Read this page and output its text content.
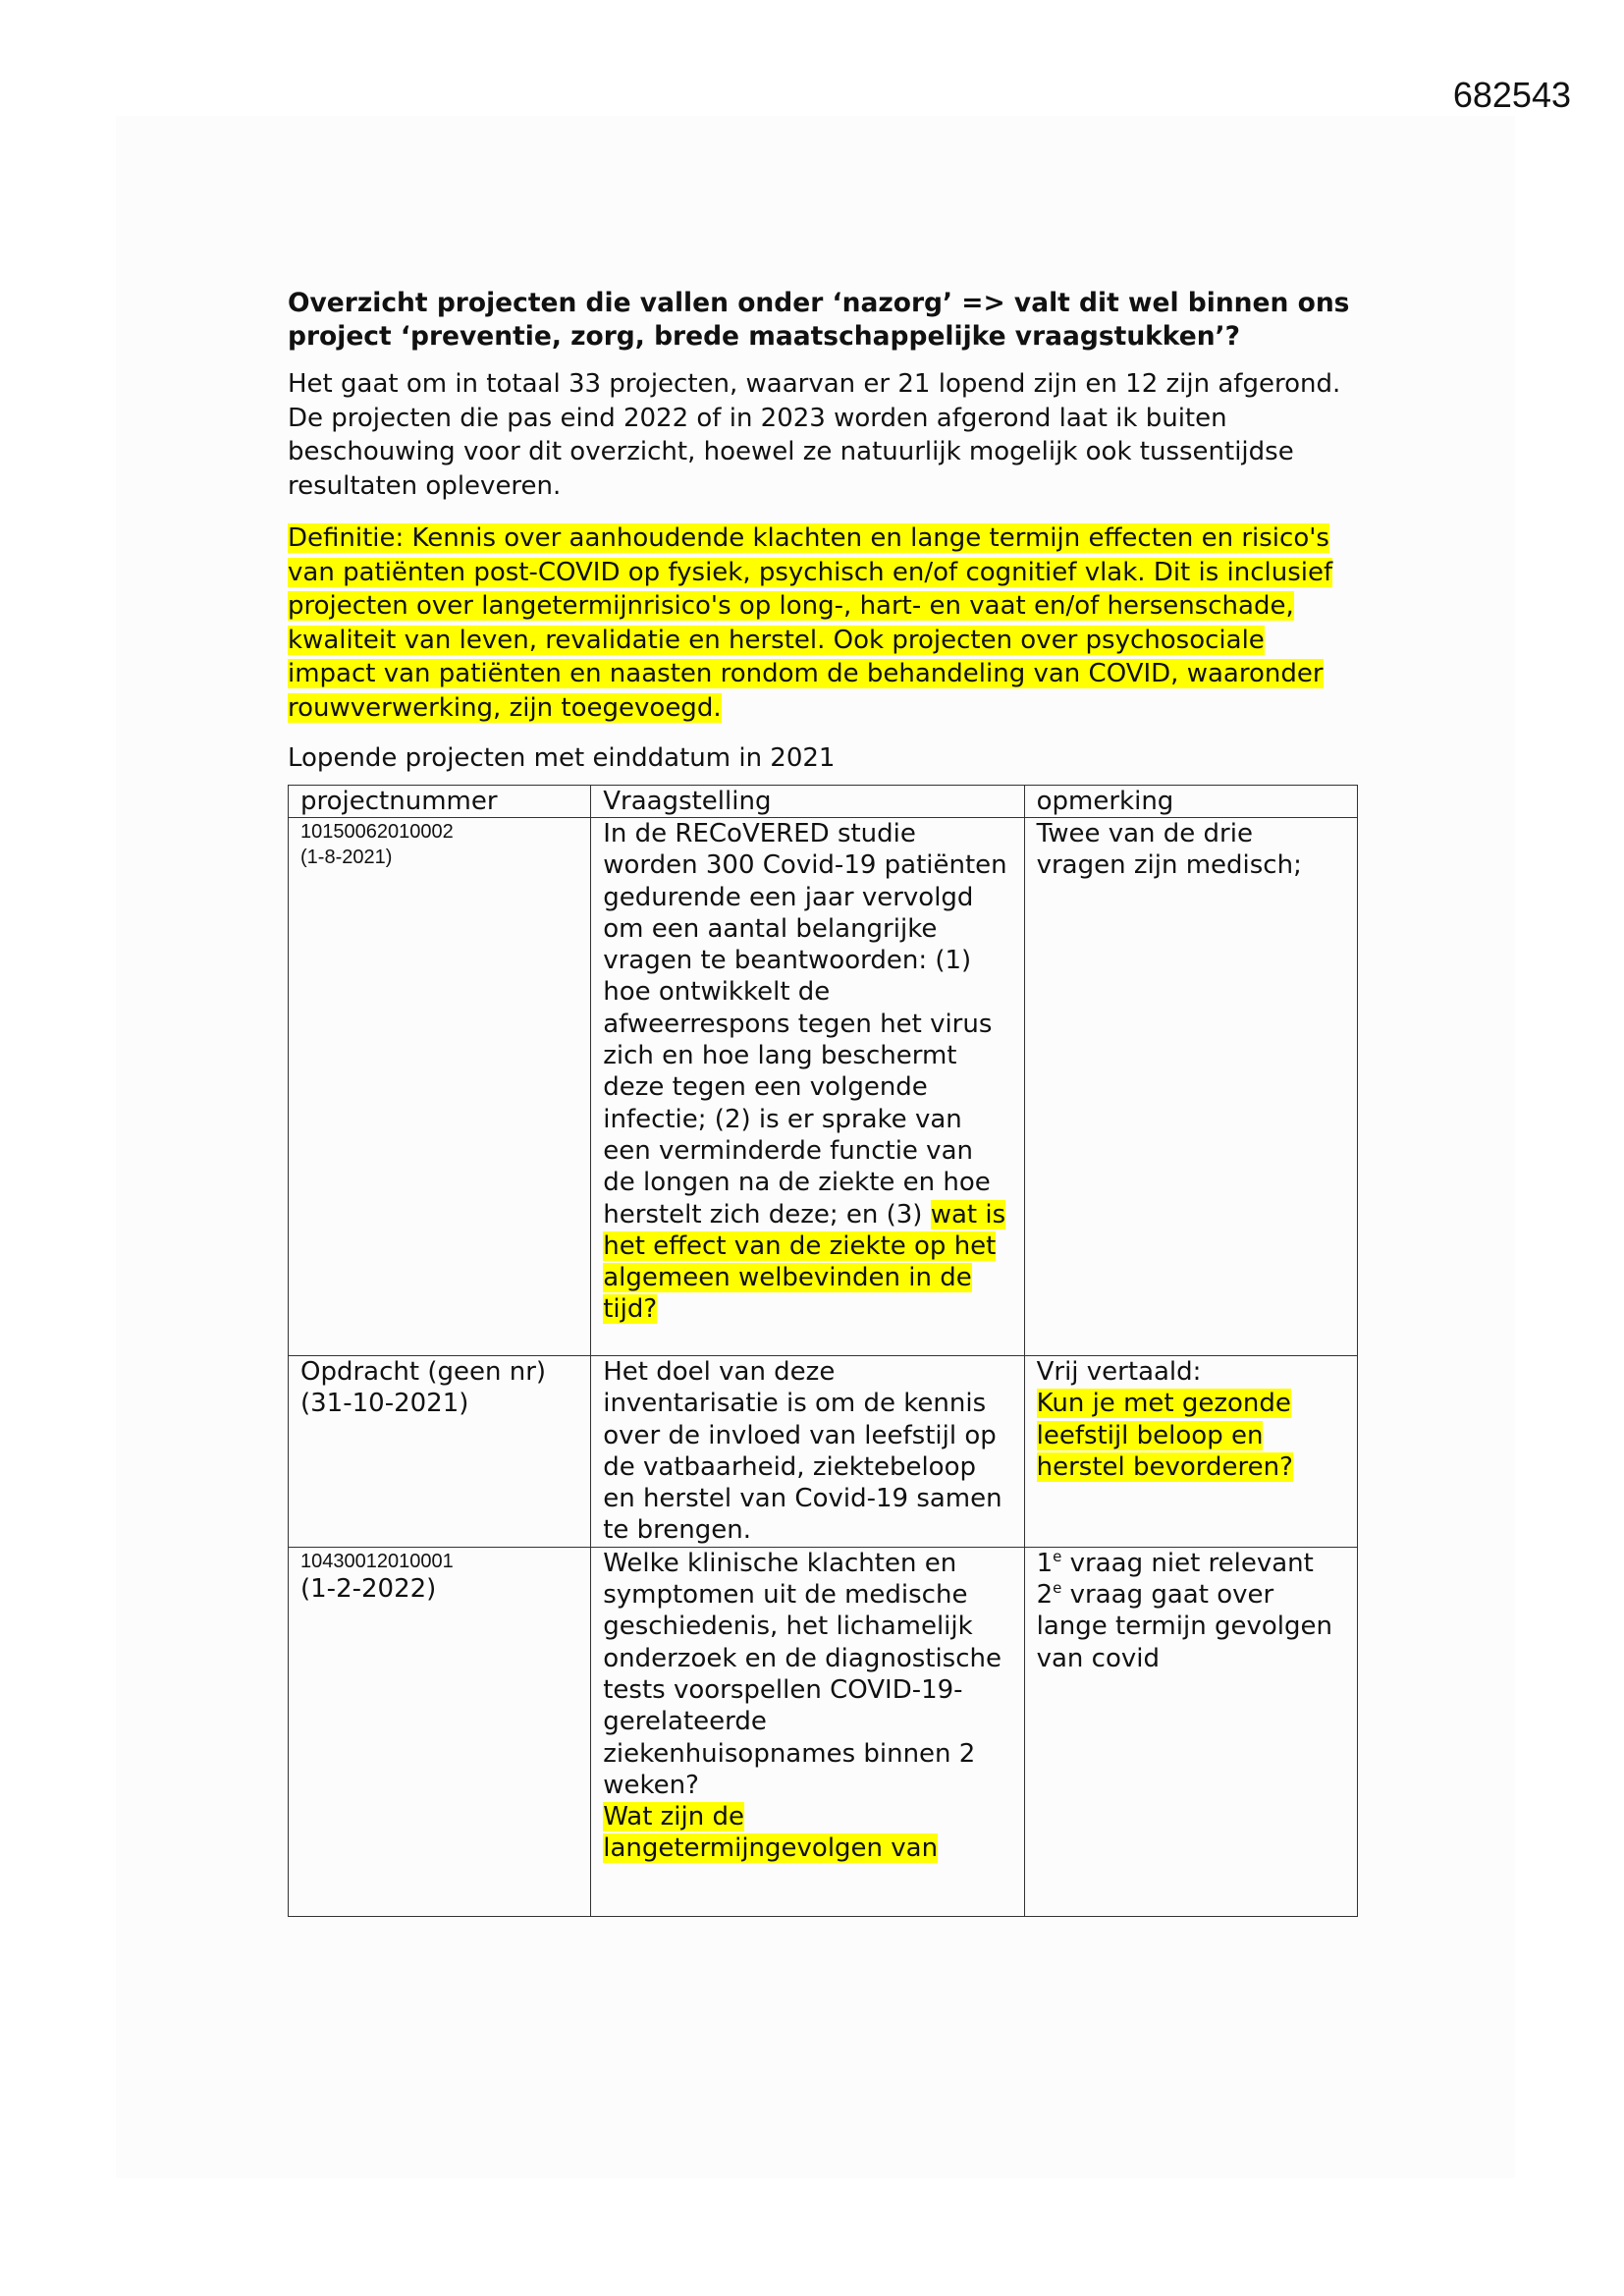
682543

Overzicht projecten die vallen onder ‘nazorg’ => valt dit wel binnen ons project ‘preventie, zorg, brede maatschappelijke vraagstukken’?

Het gaat om in totaal 33 projecten, waarvan er 21 lopend zijn en 12 zijn afgerond. De projecten die pas eind 2022 of in 2023 worden afgerond laat ik buiten beschouwing voor dit overzicht, hoewel ze natuurlijk mogelijk ook tussentijdse resultaten opleveren.

Definitie: Kennis over aanhoudende klachten en lange termijn effecten en risico's van patiënten post-COVID op fysiek, psychisch en/of cognitief vlak. Dit is inclusief projecten over langetermijnrisico's op long-, hart- en vaat en/of hersenschade, kwaliteit van leven, revalidatie en herstel. Ook projecten over psychosociale impact van patiënten en naasten rondom de behandeling van COVID, waaronder rouwverwerking, zijn toegevoegd.

Lopende projecten met einddatum in 2021

projectnummer	Vraagstelling	opmerking

10150062010002
(1-8-2021)	In de RECoVERED studie worden 300 Covid-19 patiënten gedurende een jaar vervolgd om een aantal belangrijke vragen te beantwoorden: (1) hoe ontwikkelt de afweerrespons tegen het virus zich en hoe lang beschermt deze tegen een volgende infectie; (2) is er sprake van een verminderde functie van de longen na de ziekte en hoe herstelt zich deze; en (3) wat is het effect van de ziekte op het algemeen welbevinden in de tijd?	Twee van de drie vragen zijn medisch;
Opdracht (geen nr)
(31-10-2021)	Het doel van deze inventarisatie is om de kennis over de invloed van leefstijl op de vatbaarheid, ziektebeloop en herstel van Covid-19 samen te brengen.	Vrij vertaald:
Kun je met gezonde leefstijl beloop en herstel bevorderen?

10430012010001
(1-2-2022)	Welke klinische klachten en symptomen uit de medische geschiedenis, het lichamelijk onderzoek en de diagnostische tests voorspellen COVID-19-gerelateerde ziekenhuisopnames binnen 2 weken?
Wat zijn de langetermijngevolgen van	1e vraag niet relevant
2e vraag gaat over lange termijn gevolgen van covid
